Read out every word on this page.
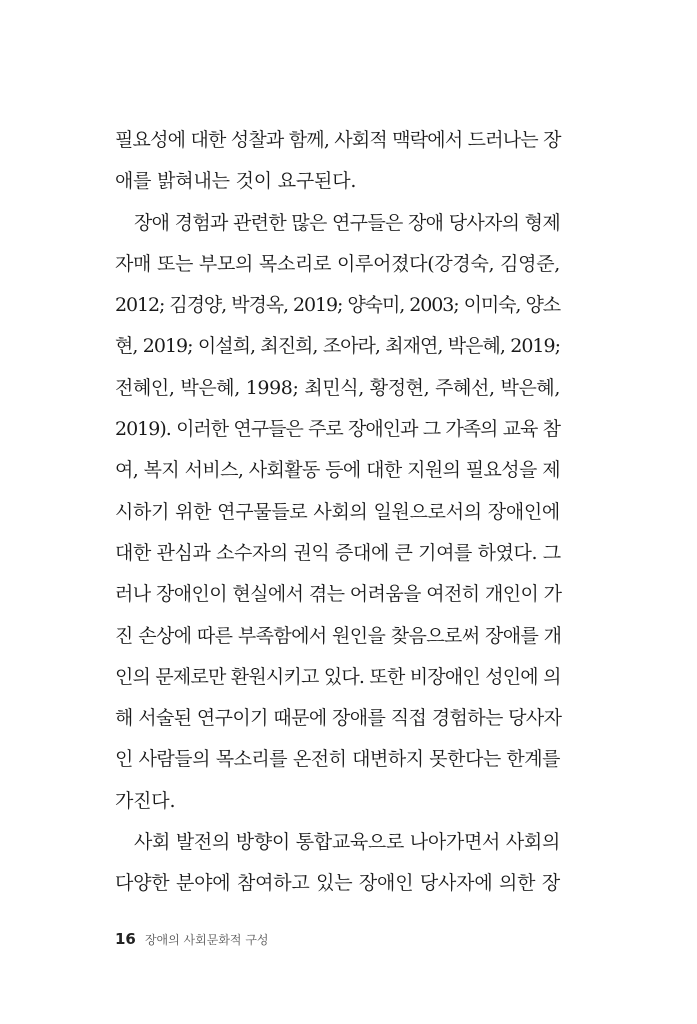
필요성에 대한 성찰과 함께, 사회적 맥락에서 드러나는 장
애를 밝혀내는 것이 요구된다.
장애 경험과 관련한 많은 연구들은 장애 당사자의 형제
자매 또는 부모의 목소리로 이루어졌다(강경숙, 김영준,
2012; 김경양, 박경옥, 2019; 양숙미, 2003; 이미숙, 양소
현, 2019; 이설희, 최진희, 조아라, 최재연, 박은혜, 2019;
전혜인, 박은혜, 1998; 최민식, 황정현, 주혜선, 박은혜,
2019). 이러한 연구들은 주로 장애인과 그 가족의 교육 참
여, 복지 서비스, 사회활동 등에 대한 지원의 필요성을 제
시하기 위한 연구물들로 사회의 일원으로서의 장애인에
대한 관심과 소수자의 권익 증대에 큰 기여를 하였다. 그
러나 장애인이 현실에서 겪는 어려움을 여전히 개인이 가
진 손상에 따른 부족함에서 원인을 찾음으로써 장애를 개
인의 문제로만 환원시키고 있다. 또한 비장애인 성인에 의
해 서술된 연구이기 때문에 장애를 직접 경험하는 당사자
인 사람들의 목소리를 온전히 대변하지 못한다는 한계를
가진다.
사회 발전의 방향이 통합교육으로 나아가면서 사회의
다양한 분야에 참여하고 있는 장애인 당사자에 의한 장
16 장애의 사회문화적 구성
